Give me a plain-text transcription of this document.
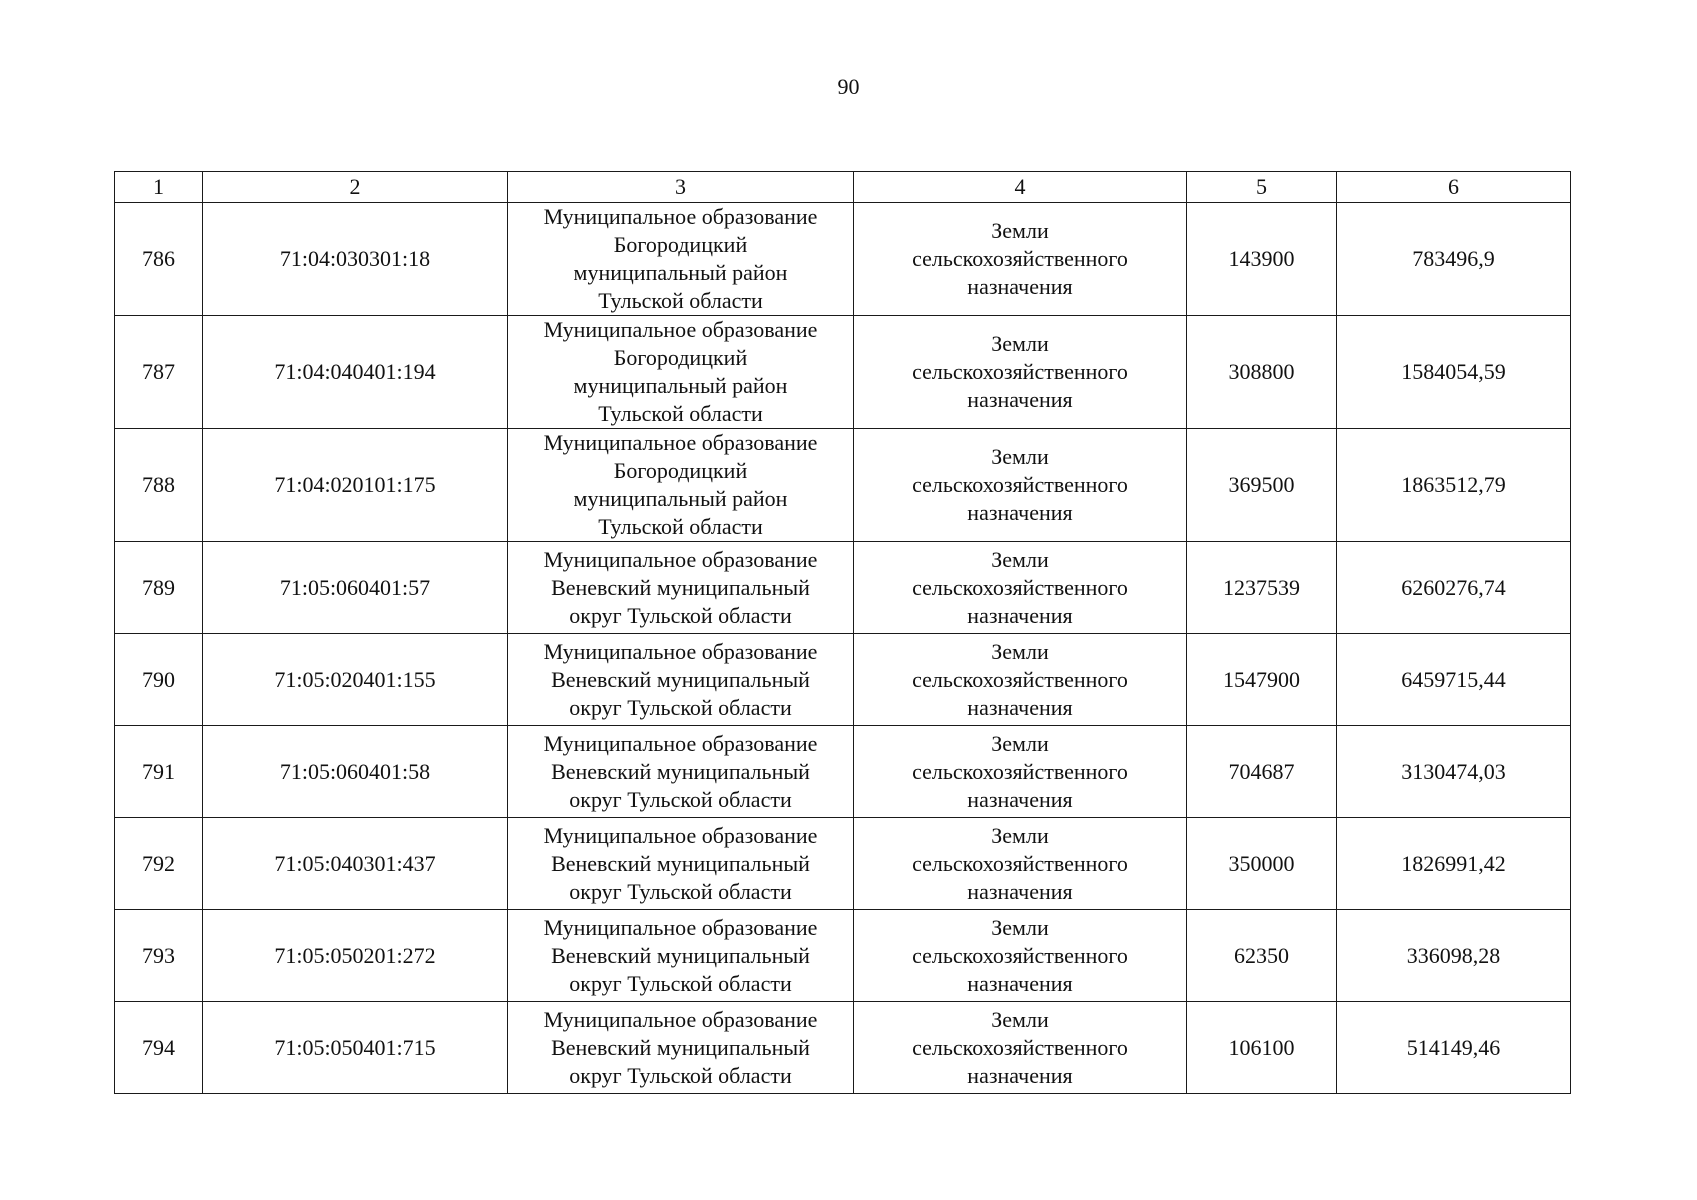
90
1	2	3	4	5	6
786	71:04:030301:18	Муниципальное образование
Богородицкий
муниципальный район
Тульской области	Земли
сельскохозяйственного
назначения	143900	783496,9
787	71:04:040401:194	Муниципальное образование
Богородицкий
муниципальный район
Тульской области	Земли
сельскохозяйственного
назначения	308800	1584054,59
788	71:04:020101:175	Муниципальное образование
Богородицкий
муниципальный район
Тульской области	Земли
сельскохозяйственного
назначения	369500	1863512,79
789	71:05:060401:57	Муниципальное образование
Веневский муниципальный
округ Тульской области	Земли
сельскохозяйственного
назначения	1237539	6260276,74
790	71:05:020401:155	Муниципальное образование
Веневский муниципальный
округ Тульской области	Земли
сельскохозяйственного
назначения	1547900	6459715,44
791	71:05:060401:58	Муниципальное образование
Веневский муниципальный
округ Тульской области	Земли
сельскохозяйственного
назначения	704687	3130474,03
792	71:05:040301:437	Муниципальное образование
Веневский муниципальный
округ Тульской области	Земли
сельскохозяйственного
назначения	350000	1826991,42
793	71:05:050201:272	Муниципальное образование
Веневский муниципальный
округ Тульской области	Земли
сельскохозяйственного
назначения	62350	336098,28
794	71:05:050401:715	Муниципальное образование
Веневский муниципальный
округ Тульской области	Земли
сельскохозяйственного
назначения	106100	514149,46
